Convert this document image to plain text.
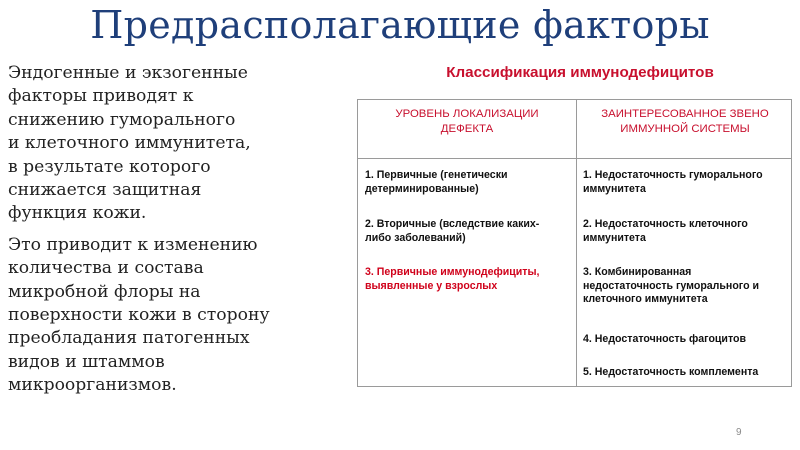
Предрасполагающие факторы

Эндогенные и экзогенные
факторы приводят к
снижению гуморального
и клеточного иммунитета,
в результате которого
снижается защитная
функция кожи.

Это приводит к изменению
количества и состава
микробной флоры на
поверхности кожи в сторону
преобладания патогенных
видов и штаммов
микроорганизмов.

Классификация иммунодефицитов
УРОВЕНЬ ЛОКАЛИЗАЦИИ
ДЕФЕКТА
ЗАИНТЕРЕСОВАННОЕ ЗВЕНО
ИММУННОЙ СИСТЕМЫ
1. Первичные (генетически
детерминированные)
2. Вторичные (вследствие каких-
либо заболеваний)
3. Первичные иммунодефициты,
выявленные у взрослых
1. Недостаточность гуморального
иммунитета
2. Недостаточность клеточного
иммунитета
3. Комбинированная
недостаточность гуморального и
клеточного иммунитета
4. Недостаточность фагоцитов
5. Недостаточность комплемента
9
